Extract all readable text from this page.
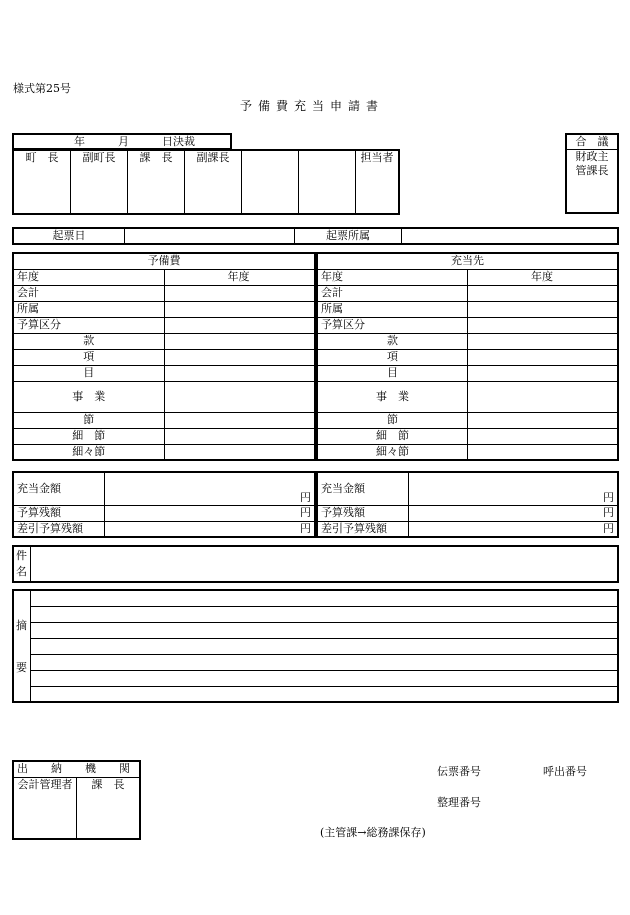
様式第25号
予備費充当申請書
年　　　月　　　日決裁
町　長	副町長	課　長	副課長			担当者
合　議
財政主
管課長
起票日		起票所属	
予備費	
年度	年度
会計	
所属	
予算区分	
款	
項	
目	
事　業	
節	
細　節	
細々節	
充当先	
年度	年度
会計	
所属	
予算区分	
款	
項	
目	
事　業	
節	
細　節	
細々節	
充当金額	円
予算残額	円
差引予算残額	円
充当金額	円
予算残額	円
差引予算残額	円
件
名

摘
要

出　納　機　関
会計管理者	課　長
伝票番号	呼出番号
整理番号
(主管課→総務課保存)
